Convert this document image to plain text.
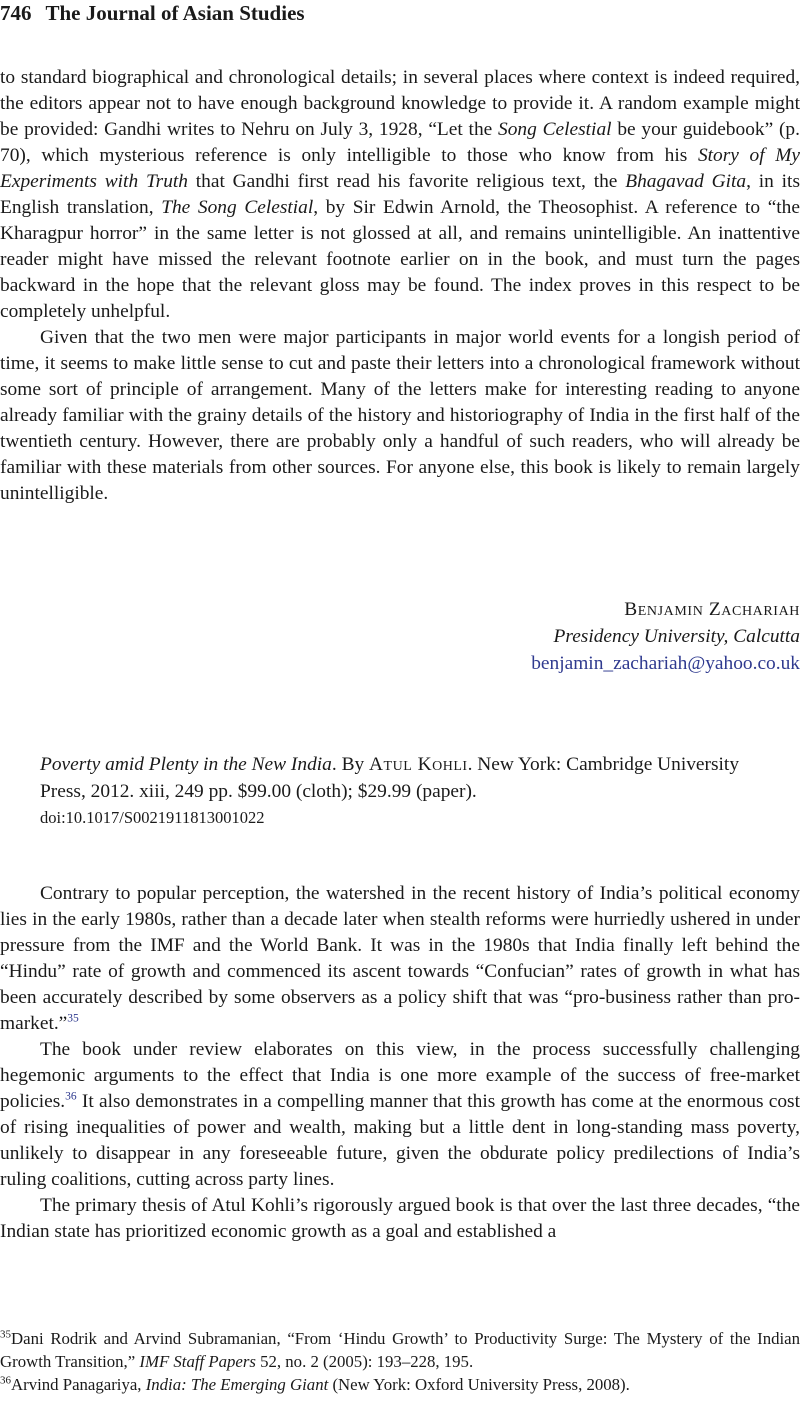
746 The Journal of Asian Studies

to standard biographical and chronological details; in several places where context is indeed required, the editors appear not to have enough background knowledge to provide it. A random example might be provided: Gandhi writes to Nehru on July 3, 1928, “Let the Song Celestial be your guidebook” (p. 70), which mysterious reference is only intelligible to those who know from his Story of My Experiments with Truth that Gandhi first read his favorite religious text, the Bhagavad Gita, in its English translation, The Song Celestial, by Sir Edwin Arnold, the Theosophist. A reference to “the Kharagpur horror” in the same letter is not glossed at all, and remains unintelligible. An inattentive reader might have missed the relevant footnote earlier on in the book, and must turn the pages backward in the hope that the relevant gloss may be found. The index proves in this respect to be completely unhelpful.

Given that the two men were major participants in major world events for a longish period of time, it seems to make little sense to cut and paste their letters into a chronological framework without some sort of principle of arrangement. Many of the letters make for interesting reading to anyone already familiar with the grainy details of the history and historiography of India in the first half of the twentieth century. However, there are probably only a handful of such readers, who will already be familiar with these materials from other sources. For anyone else, this book is likely to remain largely unintelligible.

Benjamin Zachariah
Presidency University, Calcutta
benjamin_zachariah@yahoo.co.uk
Poverty amid Plenty in the New India. By Atul Kohli. New York: Cambridge University Press, 2012. xiii, 249 pp. $99.00 (cloth); $29.99 (paper).
doi:10.1017/S0021911813001022

Contrary to popular perception, the watershed in the recent history of India’s political economy lies in the early 1980s, rather than a decade later when stealth reforms were hurriedly ushered in under pressure from the IMF and the World Bank. It was in the 1980s that India finally left behind the “Hindu” rate of growth and commenced its ascent towards “Confucian” rates of growth in what has been accurately described by some observers as a policy shift that was “pro-business rather than pro-market.”$^{35}$

The book under review elaborates on this view, in the process successfully challenging hegemonic arguments to the effect that India is one more example of the success of free-market policies.$^{36}$ It also demonstrates in a compelling manner that this growth has come at the enormous cost of rising inequalities of power and wealth, making but a little dent in long-standing mass poverty, unlikely to disappear in any foreseeable future, given the obdurate policy predilections of India’s ruling coalitions, cutting across party lines.

The primary thesis of Atul Kohli’s rigorously argued book is that over the last three decades, “the Indian state has prioritized economic growth as a goal and established a

$^{35}$Dani Rodrik and Arvind Subramanian, “From ‘Hindu Growth’ to Productivity Surge: The Mystery of the Indian Growth Transition,” IMF Staff Papers 52, no. 2 (2005): 193–228, 195.

$^{36}$Arvind Panagariya, India: The Emerging Giant (New York: Oxford University Press, 2008).
